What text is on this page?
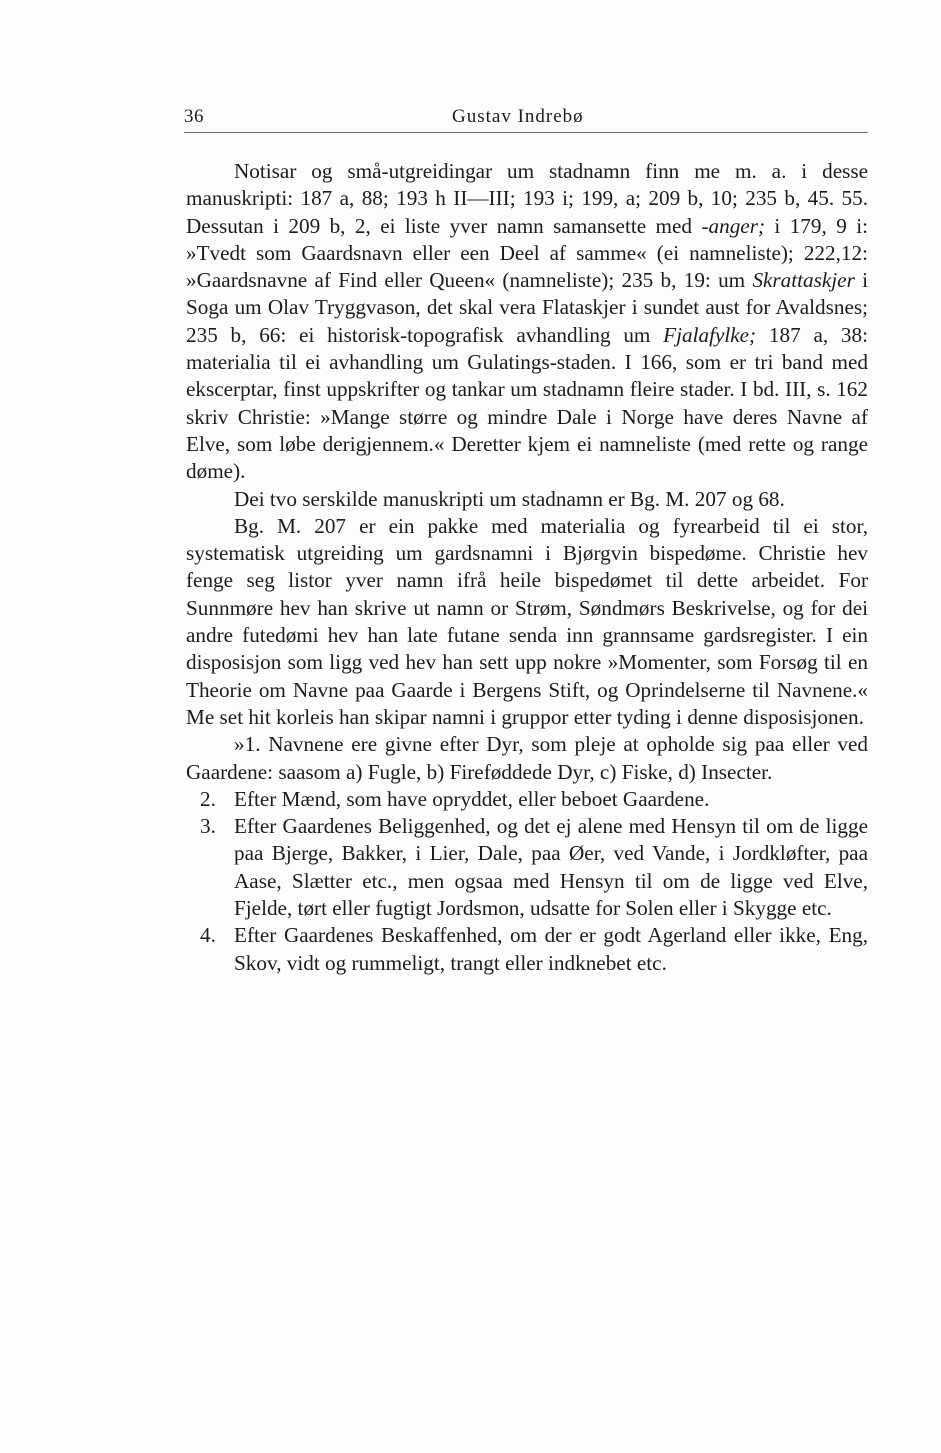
36	Gustav Indrebø

Notisar og små-utgreidingar um stadnamn finn me m. a. i desse manuskripti: 187 a, 88; 193 h II—III; 193 i; 199, a; 209 b, 10; 235 b, 45. 55. Dessutan i 209 b, 2, ei liste yver namn samansette med -anger; i 179, 9 i: »Tvedt som Gaardsnavn eller een Deel af samme« (ei namneliste); 222,12: »Gaardsnavne af Find eller Queen« (namneliste); 235 b, 19: um Skrattaskjer i Soga um Olav Tryggvason, det skal vera Flataskjer i sundet aust for Avaldsnes; 235 b, 66: ei historisk-topografisk avhandling um Fjalafylke; 187 a, 38: materialia til ei avhandling um Gulatings-staden. I 166, som er tri band med ekscerptar, finst uppskrifter og tankar um stadnamn fleire stader. I bd. III, s. 162 skriv Christie: »Mange større og mindre Dale i Norge have deres Navne af Elve, som løbe derigjennem.« Deretter kjem ei namneliste (med rette og range døme).

Dei tvo serskilde manuskripti um stadnamn er Bg. M. 207 og 68.

Bg. M. 207 er ein pakke med materialia og fyrearbeid til ei stor, systematisk utgreiding um gardsnamni i Bjørgvin bispedøme. Christie hev fenge seg listor yver namn ifrå heile bispedømet til dette arbeidet. For Sunnmøre hev han skrive ut namn or Strøm, Søndmørs Beskrivelse, og for dei andre futedømi hev han late futane senda inn grannsame gardsregister. I ein disposisjon som ligg ved hev han sett upp nokre »Momenter, som Forsøg til en Theorie om Navne paa Gaarde i Bergens Stift, og Oprindelserne til Navnene.« Me set hit korleis han skipar namni i gruppor etter tyding i denne disposisjonen.

»1. Navnene ere givne efter Dyr, som pleje at opholde sig paa eller ved Gaardene: saasom a) Fugle, b) Fireføddede Dyr, c) Fiske, d) Insecter.

2. Efter Mænd, som have opryddet, eller beboet Gaardene.

3. Efter Gaardenes Beliggenhed, og det ej alene med Hensyn til om de ligge paa Bjerge, Bakker, i Lier, Dale, paa Øer, ved Vande, i Jordkløfter, paa Aase, Slætter etc., men ogsaa med Hensyn til om de ligge ved Elve, Fjelde, tørt eller fugtigt Jordsmon, udsatte for Solen eller i Skygge etc.

4. Efter Gaardenes Beskaffenhed, om der er godt Agerland eller ikke, Eng, Skov, vidt og rummeligt, trangt eller indknebet etc.
